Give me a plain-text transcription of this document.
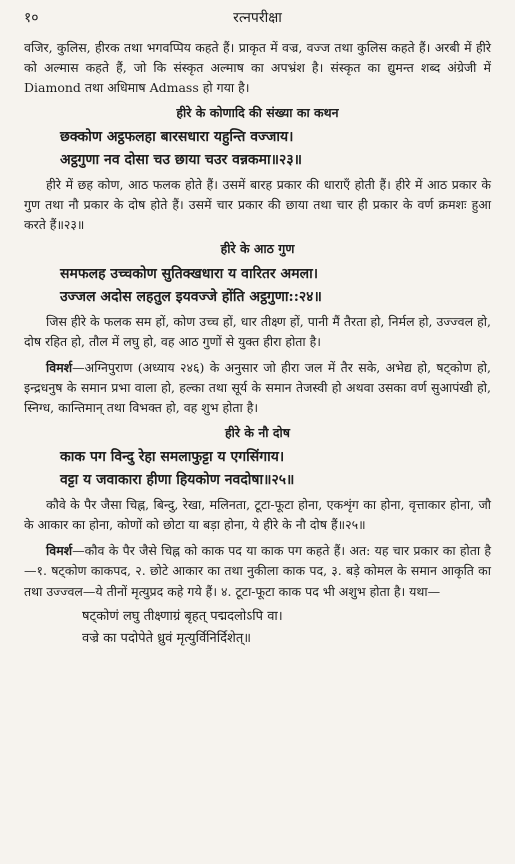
१०	रत्नपरीक्षा

वजिर, कुलिस, हीरक तथा भगवप्पिय कहते हैं। प्राकृत में वज्र, वज्ज तथा कुलिस कहते हैं। अरबी में हीरे को अल्मास कहते हैं, जो कि संस्कृत अल्माष का अपभ्रंश है। संस्कृत का द्युमन्त शब्द अंग्रेजी में Diamond तथा अधिमाष Admass हो गया है।

हीरे के कोणादि की संख्या का कथन
छक्कोण अट्ठफलहा बारसधारा यहुन्ति वज्जाय।
अट्ठगुणा नव दोसा चउ छाया चउर वन्नकमा॥२३॥

हीरे में छह कोण, आठ फलक होते हैं। उसमें बारह प्रकार की धाराएँ होती हैं। हीरे में आठ प्रकार के गुण तथा नौ प्रकार के दोष होते हैं। उसमें चार प्रकार की छाया तथा चार ही प्रकार के वर्ण क्रमशः हुआ करते हैं॥२३॥

हीरे के आठ गुण
समफलह उच्चकोण सुतिक्खधारा य वारितर अमला।
उज्जल अदोस लहतुल इयवज्जे होंति अट्ठगुणा::२४॥

जिस हीरे के फलक सम हों, कोण उच्च हों, धार तीक्ष्ण हों, पानी मैं तैरता हो, निर्मल हो, उज्ज्वल हो, दोष रहित हो, तौल में लघु हो, वह आठ गुणों से युक्त हीरा होता है।

विमर्श—अग्निपुराण (अध्याय २४६) के अनुसार जो हीरा जल में तैर सके, अभेद्य हो, षट्कोण हो, इन्द्रधनुष के समान प्रभा वाला हो, हल्का तथा सूर्य के समान तेजस्वी हो अथवा उसका वर्ण सुआपंखी हो, स्निग्ध, कान्तिमान् तथा विभक्त हो, वह शुभ होता है।

हीरे के नौ दोष
काक पग विन्दु रेहा समलाफुट्टा य एगसिंगाय।
वट्टा य जवाकारा हीणा हियकोण नवदोषा॥२५॥

कौवे के पैर जैसा चिह्न, बिन्दु, रेखा, मलिनता, टूटा-फूटा होना, एकशृंग का होना, वृत्ताकार होना, जौ के आकार का होना, कोणों को छोटा या बड़ा होना, ये हीरे के नौ दोष हैं॥२५॥

विमर्श—कौव के पैर जैसे चिह्न को काक पद या काक पग कहते हैं। अत: यह चार प्रकार का होता है—१. षट्कोण काकपद, २. छोटे आकार का तथा नुकीला काक पद, ३. बड़े कोमल के समान आकृति का तथा उज्ज्वल—ये तीनों मृत्युप्रद कहे गये हैं। ४. टूटा-फूटा काक पद भी अशुभ होता है। यथा—

षट्कोणं लघु तीक्ष्णाग्रं बृहत् पद्मदलोऽपि वा।
वज्रे का पदोपेते ध्रुवं मृत्युर्विनिर्दिशेत्॥
